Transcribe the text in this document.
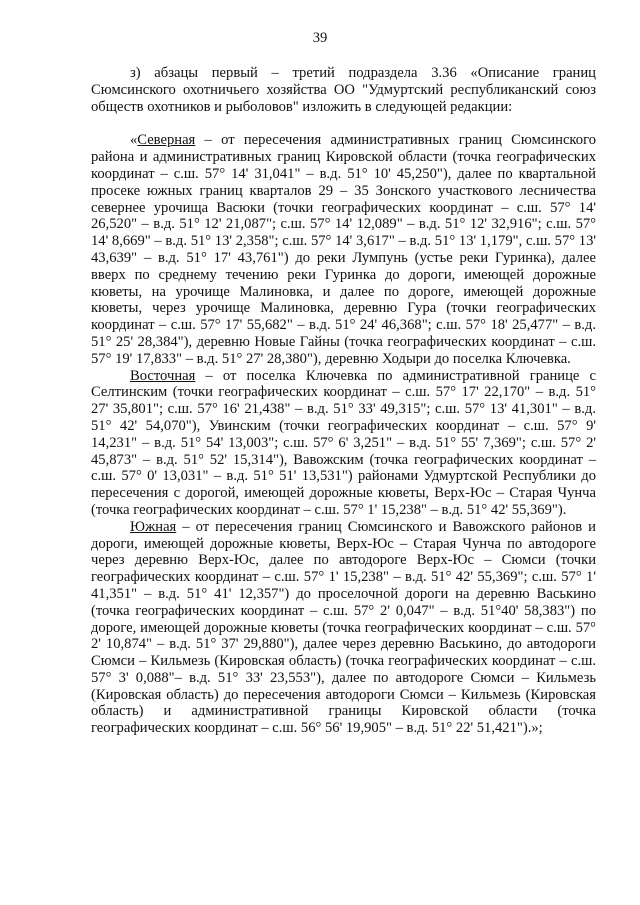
39

з) абзацы первый – третий подраздела 3.36 «Описание границ Сюмсинского охотничьего хозяйства ОО "Удмуртский республиканский союз обществ охотников и рыболовов" изложить в следующей редакции:

«Северная – от пересечения административных границ Сюмсинского района и административных границ Кировской области (точка географических координат – с.ш. 57° 14' 31,041" – в.д. 51° 10' 45,250"), далее по квартальной просеке южных границ кварталов 29 – 35 Зонского участкового лесничества севернее урочища Васюки (точки географических координат – с.ш. 57° 14' 26,520" – в.д. 51° 12' 21,087"; с.ш. 57° 14' 12,089" – в.д. 51° 12' 32,916"; с.ш. 57° 14' 8,669" – в.д. 51° 13' 2,358"; с.ш. 57° 14' 3,617" – в.д. 51° 13' 1,179", с.ш. 57° 13' 43,639" – в.д. 51° 17' 43,761") до реки Лумпунь (устье реки Гуринка), далее вверх по среднему течению реки Гуринка до дороги, имеющей дорожные кюветы, на урочище Малиновка, и далее по дороге, имеющей дорожные кюветы, через урочище Малиновка, деревню Гура (точки географических координат – с.ш. 57° 17' 55,682" – в.д. 51° 24' 46,368"; с.ш. 57° 18' 25,477" – в.д. 51° 25' 28,384"), деревню Новые Гайны (точка географических координат – с.ш. 57° 19' 17,833" – в.д. 51° 27' 28,380"), деревню Ходыри до поселка Ключевка.

Восточная – от поселка Ключевка по административной границе с Селтинским (точки географических координат – с.ш. 57° 17' 22,170" – в.д. 51° 27' 35,801"; с.ш. 57° 16' 21,438" – в.д. 51° 33' 49,315"; с.ш. 57° 13' 41,301" – в.д. 51° 42' 54,070"), Увинским (точки географических координат – с.ш. 57° 9' 14,231" – в.д. 51° 54' 13,003"; с.ш. 57° 6' 3,251" – в.д. 51° 55' 7,369"; с.ш. 57° 2' 45,873" – в.д. 51° 52' 15,314"), Вавожским (точка географических координат – с.ш. 57° 0' 13,031" – в.д. 51° 51' 13,531") районами Удмуртской Республики до пересечения с дорогой, имеющей дорожные кюветы, Верх-Юс – Старая Чунча (точка географических координат – с.ш. 57° 1' 15,238" – в.д. 51° 42' 55,369").

Южная – от пересечения границ Сюмсинского и Вавожского районов и дороги, имеющей дорожные кюветы, Верх-Юс – Старая Чунча по автодороге через деревню Верх-Юс, далее по автодороге Верх-Юс – Сюмси (точки географических координат – с.ш. 57° 1' 15,238" – в.д. 51° 42' 55,369"; с.ш. 57° 1' 41,351" – в.д. 51° 41' 12,357") до проселочной дороги на деревню Васькино (точка географических координат – с.ш. 57° 2' 0,047" – в.д. 51°40' 58,383") по дороге, имеющей дорожные кюветы (точка географических координат – с.ш. 57° 2' 10,874" – в.д. 51° 37' 29,880"), далее через деревню Васькино, до автодороги Сюмси – Кильмезь (Кировская область) (точка географических координат – с.ш. 57° 3' 0,088"– в.д. 51° 33' 23,553"), далее по автодороге Сюмси – Кильмезь (Кировская область) до пересечения автодороги Сюмси – Кильмезь (Кировская область) и административной границы Кировской области (точка географических координат – с.ш. 56° 56' 19,905" – в.д. 51° 22' 51,421").»;
